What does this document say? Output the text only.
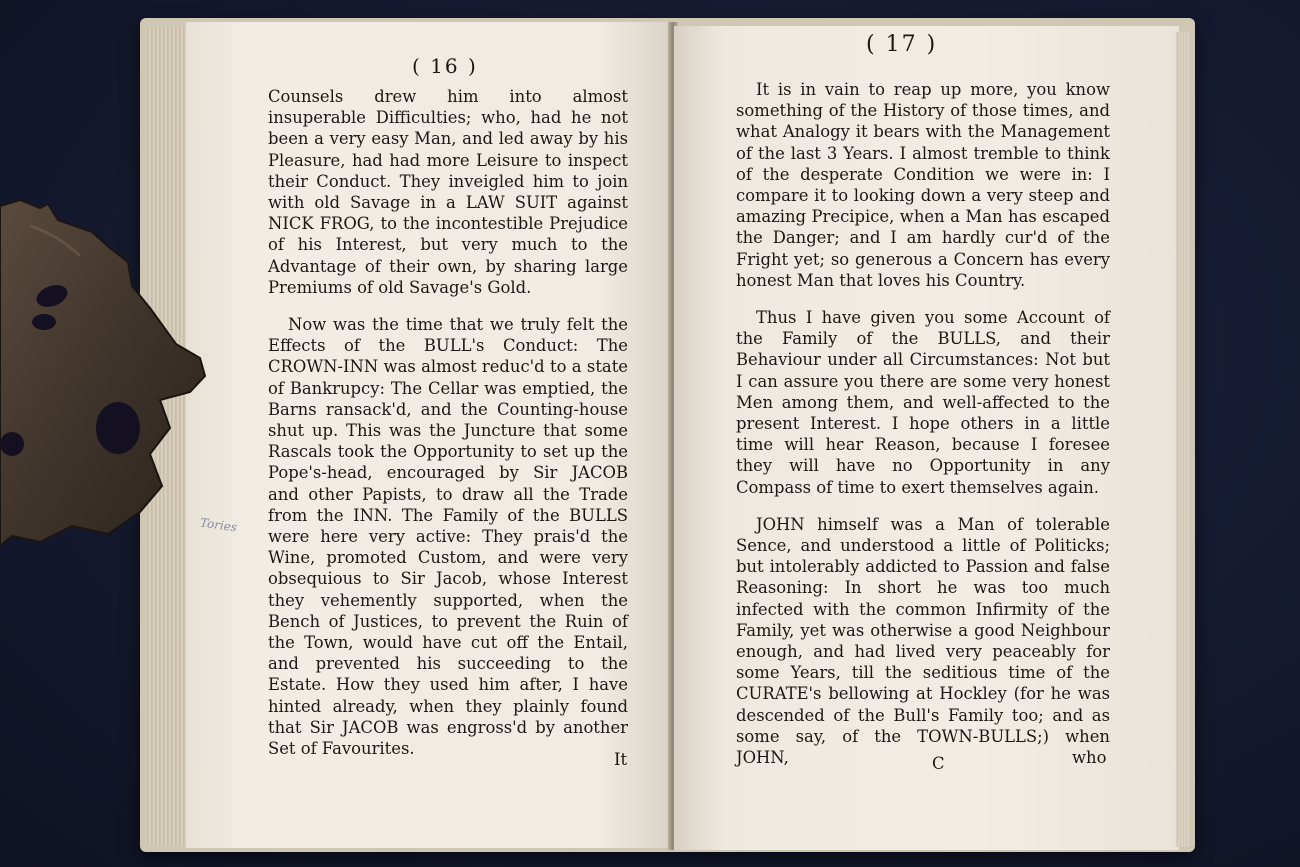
( 16 )

Counsels drew him into almost insuperable Difficulties; who, had he not been a very easy Man, and led away by his Pleasure, had had more Leisure to inspect their Conduct. They inveigled him to join with old Savage in a LAW SUIT against NICK FROG, to the incontestible Prejudice of his Interest, but very much to the Advantage of their own, by sharing large Premiums of old Savage's Gold.

Now was the time that we truly felt the Effects of the BULL's Conduct: The CROWN-INN was almost reduc'd to a state of Bankrupcy: The Cellar was emptied, the Barns ransack'd, and the Counting-house shut up. This was the Juncture that some Rascals took the Opportunity to set up the Pope's-head, encouraged by Sir JACOB and other Papists, to draw all the Trade from the INN. The Family of the BULLS were here very active: They prais'd the Wine, promoted Custom, and were very obsequious to Sir Jacob, whose Interest they vehemently supported, when the Bench of Justices, to prevent the Ruin of the Town, would have cut off the Entail, and prevented his succeeding to the Estate. How they used him after, I have hinted already, when they plainly found that Sir JACOB was engross'd by another Set of Favourites.

It
( 17 )

It is in vain to reap up more, you know something of the History of those times, and what Analogy it bears with the Management of the last 3 Years. I almost tremble to think of the desperate Condition we were in: I compare it to looking down a very steep and amazing Precipice, when a Man has escaped the Danger; and I am hardly cur'd of the Fright yet; so generous a Concern has every honest Man that loves his Country.

Thus I have given you some Account of the Family of the BULLS, and their Behaviour under all Circumstances: Not but I can assure you there are some very honest Men among them, and well-affected to the present Interest. I hope others in a little time will hear Reason, because I foresee they will have no Opportunity in any Compass of time to exert themselves again.

JOHN himself was a Man of tolerable Sence, and understood a little of Politicks; but intolerably addicted to Passion and false Reasoning: In short he was too much infected with the common Infirmity of the Family, yet was otherwise a good Neighbour enough, and had lived very peaceably for some Years, till the seditious time of the CURATE's bellowing at Hockley (for he was descended of the Bull's Family too; and as some say, of the TOWN-BULLS;) when JOHN,	C	who
Tories
